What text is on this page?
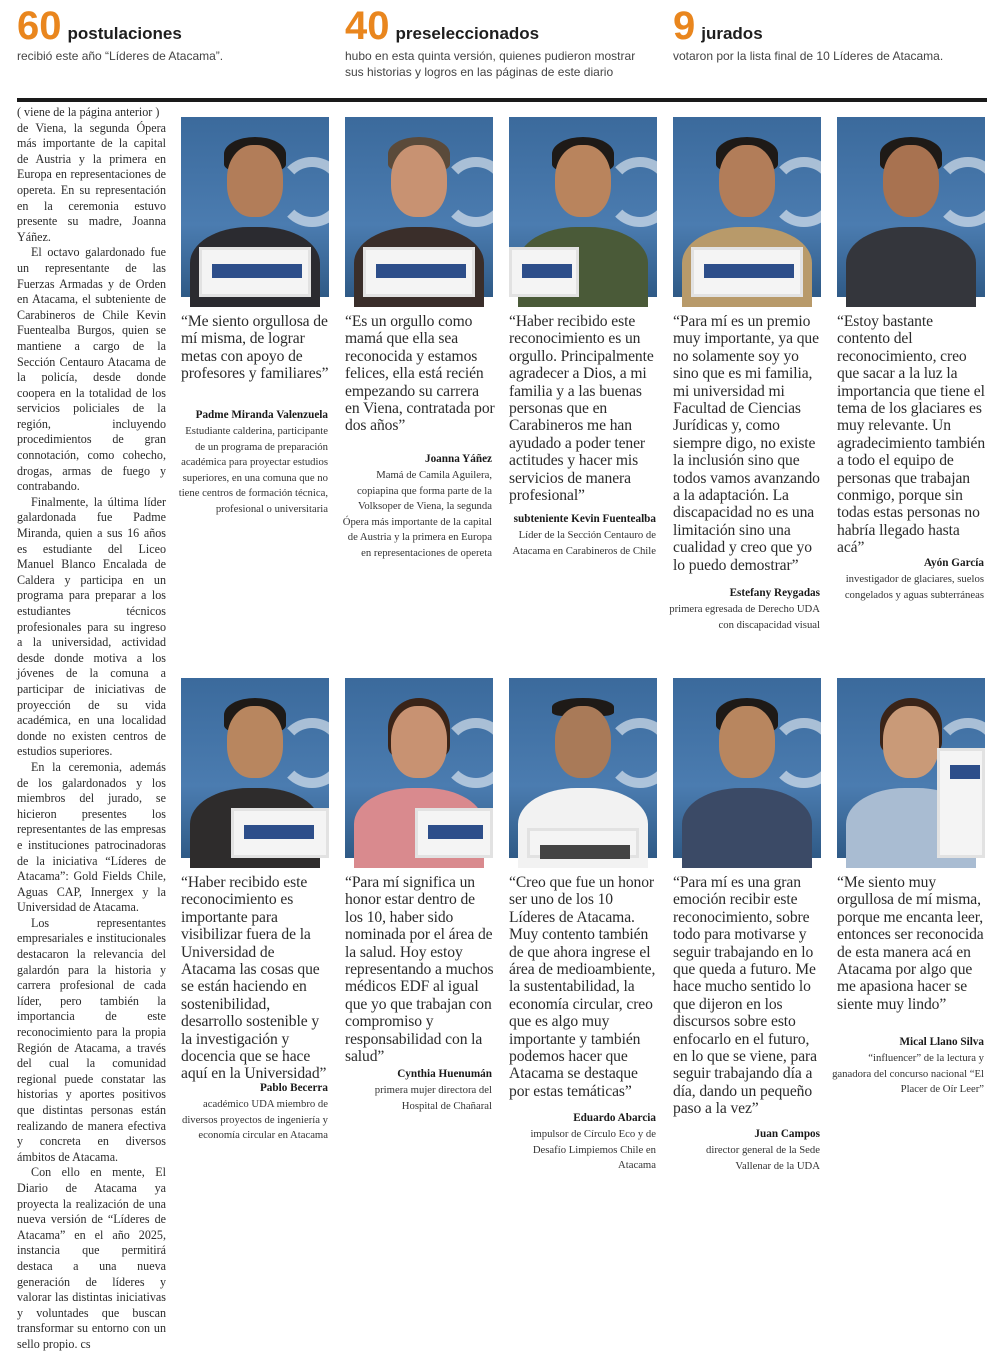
60 postulaciones
recibió este año “Líderes de Atacama”.
40 preseleccionados
hubo en esta quinta versión, quienes pudieron mostrar sus historias y logros en las páginas de este diario
9 jurados
votaron por la lista final de 10 Líderes de Atacama.

( viene de la página anterior )

de Viena, la segunda Ópera más importante de la capital de Austria y la primera en Europa en representaciones de opereta. En su representación en la ceremonia estuvo presente su madre, Joanna Yáñez.

El octavo galardonado fue un representante de las Fuerzas Armadas y de Orden en Atacama, el subteniente de Carabineros de Chile Kevin Fuentealba Burgos, quien se mantiene a cargo de la Sección Centauro Atacama de la policía, desde donde coopera en la totalidad de los servicios policiales de la región, incluyendo procedimientos de gran connotación, como cohecho, drogas, armas de fuego y contrabando.

Finalmente, la última líder galardonada fue Padme Miranda, quien a sus 16 años es estudiante del Liceo Manuel Blanco Encalada de Caldera y participa en un programa para preparar a los estudiantes técnicos profesionales para su ingreso a la universidad, actividad desde donde motiva a los jóvenes de la comuna a participar de iniciativas de proyección de su vida académica, en una localidad donde no existen centros de estudios superiores.

En la ceremonia, además de los galardonados y los miembros del jurado, se hicieron presentes los representantes de las empresas e instituciones patrocinadoras de la iniciativa “Líderes de Atacama”: Gold Fields Chile, Aguas CAP, Innergex y la Universidad de Atacama.

Los representantes empresariales e institucionales destacaron la relevancia del galardón para la historia y carrera profesional de cada líder, pero también la importancia de este reconocimiento para la propia Región de Atacama, a través del cual la comunidad regional puede constatar las historias y aportes positivos que distintas personas están realizando de manera efectiva y concreta en diversos ámbitos de Atacama.

Con ello en mente, El Diario de Atacama ya proyecta la realización de una nueva versión de “Líderes de Atacama” en el año 2025, instancia que permitirá destaca a una nueva generación de líderes y valorar las distintas iniciativas y voluntades que buscan transformar su entorno con un sello propio. cs

“Me siento orgullosa de mí misma, de lograr metas con apoyo de profesores y familiares”
Padme Miranda Valenzuela
Estudiante calderina, participante de un programa de preparación académica para proyectar estudios superiores, en una comuna que no tiene centros de formación técnica, profesional o universitaria
“Es un orgullo como mamá que ella sea reconocida y estamos felices, ella está recién empezando su carrera en Viena, contratada por dos años”
Joanna Yáñez
Mamá de Camila Aguilera, copiapina que forma parte de la Volksoper de Viena, la segunda Ópera más importante de la capital de Austria y la primera en Europa en representaciones de opereta
“Haber recibido este reconocimiento es un orgullo. Principalmente agradecer a Dios, a mi familia y a las buenas personas que en Carabineros me han ayudado a poder tener actitudes y hacer mis servicios de manera profesional”
subteniente Kevin Fuentealba
Líder de la Sección Centauro de Atacama en Carabineros de Chile
“Para mí es un premio muy importante, ya que no solamente soy yo sino que es mi familia, mi universidad mi Facultad de Ciencias Jurídicas y, como siempre digo, no existe la inclusión sino que todos vamos avanzando a la adaptación. La discapacidad no es una limitación sino una cualidad y creo que yo lo puedo demostrar”
Estefany Reygadas
primera egresada de Derecho UDA con discapacidad visual
“Estoy bastante contento del reconocimiento, creo que sacar a la luz la importancia que tiene el tema de los glaciares es muy relevante. Un agradecimiento también a todo el equipo de personas que trabajan conmigo, porque sin todas estas personas no habría llegado hasta acá”
Ayón García
investigador de glaciares, suelos congelados y aguas subterráneas
“Haber recibido este reconocimiento es importante para visibilizar fuera de la Universidad de Atacama las cosas que se están haciendo en sostenibilidad, desarrollo sostenible y la investigación y docencia que se hace aquí en la Universidad”
Pablo Becerra
académico UDA miembro de diversos proyectos de ingeniería y economía circular en Atacama
“Para mí significa un honor estar dentro de los 10, haber sido nominada por el área de la salud. Hoy estoy representando a muchos médicos EDF al igual que yo que trabajan con compromiso y responsabilidad con la salud”
Cynthia Huenumán
primera mujer directora del Hospital de Chañaral
“Creo que fue un honor ser uno de los 10 Líderes de Atacama. Muy contento también de que ahora ingrese el área de medioambiente, la sustentabilidad, la economía circular, creo que es algo muy importante y también podemos hacer que Atacama se destaque por estas temáticas”
Eduardo Abarcia
impulsor de Círculo Eco y de Desafío Limpiemos Chile en Atacama
“Para mí es una gran emoción recibir este reconocimiento, sobre todo para motivarse y seguir trabajando en lo que queda a futuro. Me hace mucho sentido lo que dijeron en los discursos sobre esto enfocarlo en el futuro, en lo que se viene, para seguir trabajando día a día, dando un pequeño paso a la vez”
Juan Campos
director general de la Sede Vallenar de la UDA
“Me siento muy orgullosa de mí misma, porque me encanta leer, entonces ser reconocida de esta manera acá en Atacama por algo que me apasiona hacer se siente muy lindo”
Mical Llano Silva
“influencer” de la lectura y ganadora del concurso nacional “El Placer de Oír Leer”
